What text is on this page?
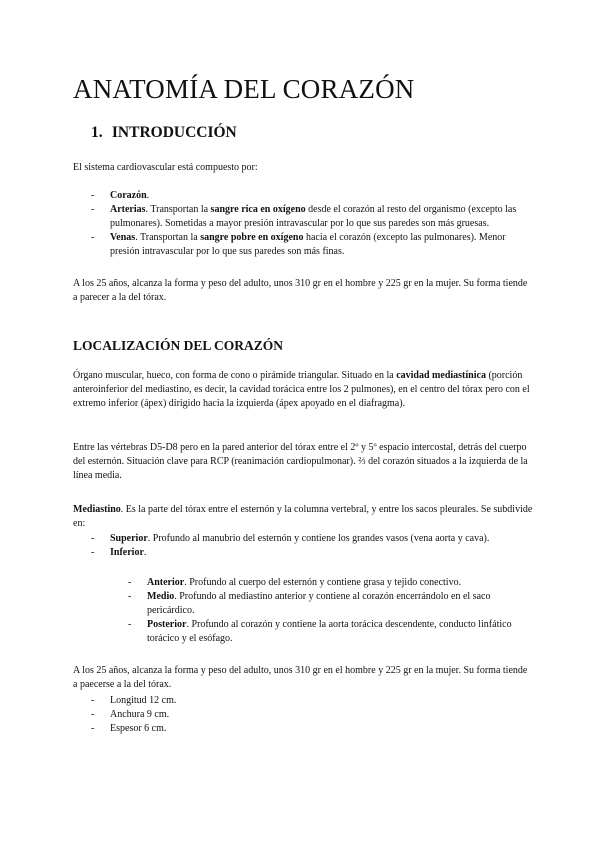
ANATOMÍA DEL CORAZÓN
1. INTRODUCCIÓN

El sistema cardiovascular está compuesto por:

- Corazón.
- Arterias. Transportan la sangre rica en oxígeno desde el corazón al resto del organismo (excepto las pulmonares). Sometidas a mayor presión intravascular por lo que sus paredes son más gruesas.
- Venas. Transportan la sangre pobre en oxígeno hacia el corazón (excepto las pulmonares). Menor presión intravascular por lo que sus paredes son más finas.

A los 25 años, alcanza la forma y peso del adulto, unos 310 gr en el hombre y 225 gr en la mujer. Su forma tiende a parecer a la del tórax.

LOCALIZACIÓN DEL CORAZÓN

Órgano muscular, hueco, con forma de cono o pirámide triangular. Situado en la cavidad mediastínica (porción anteroinferior del mediastino, es decir, la cavidad torácica entre los 2 pulmones), en el centro del tórax pero con el extremo inferior (ápex) dirigido hacia la izquierda (ápex apoyado en el diafragma).

Entre las vértebras D5-D8 pero en la pared anterior del tórax entre el 2º y 5º espacio intercostal, detrás del cuerpo del esternón. Situación clave para RCP (reanimación cardiopulmonar). ⅔ del corazón situados a la izquierda de la línea media.

Mediastino. Es la parte del tórax entre el esternón y la columna vertebral, y entre los sacos pleurales. Se subdivide en:

- Superior. Profundo al manubrio del esternón y contiene los grandes vasos (vena aorta y cava).
- Inferior.
- Anterior. Profundo al cuerpo del esternón y contiene grasa y tejido conectivo.
- Medio. Profundo al mediastino anterior y contiene al corazón encerrándolo en el saco pericárdico.
- Posterior. Profundo al corazón y contiene la aorta torácica descendente, conducto linfático torácico y el esófago.

A los 25 años, alcanza la forma y peso del adulto, unos 310 gr en el hombre y 225 gr en la mujer. Su forma tiende a paecerse a la del tórax.

- Longitud 12 cm.
- Anchura 9 cm.
- Espesor 6 cm.
